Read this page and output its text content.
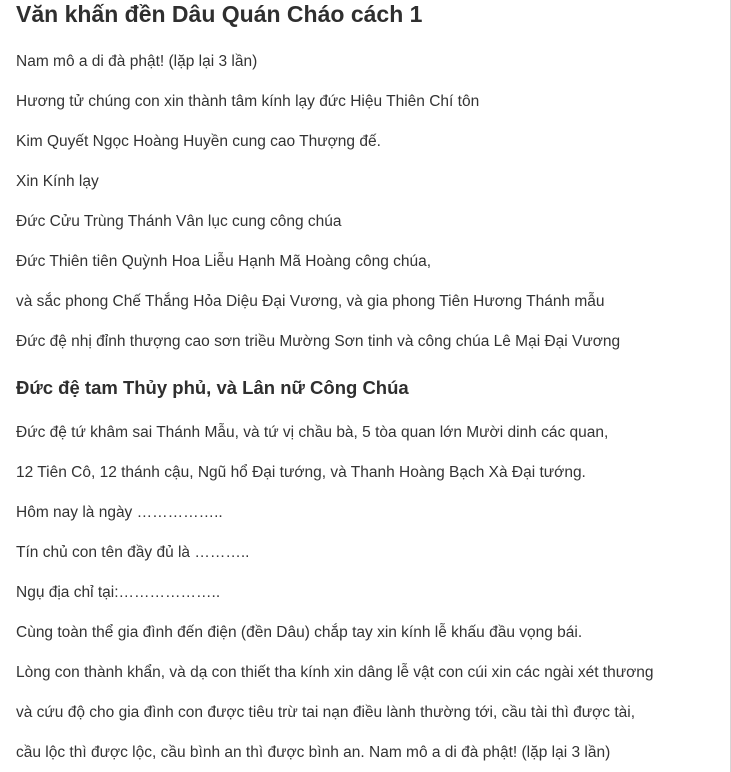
Văn khấn đền Dâu Quán Cháo cách 1

Nam mô a di đà phật! (lặp lại 3 lần)

Hương tử chúng con xin thành tâm kính lạy đức Hiệu Thiên Chí tôn

Kim Quyết Ngọc Hoàng Huyền cung cao Thượng đế.

Xin Kính lạy

Đức Cửu Trùng Thánh Vân lục cung công chúa

Đức Thiên tiên Quỳnh Hoa Liễu Hạnh Mã Hoàng công chúa,

và sắc phong Chế Thắng Hỏa Diệu Đại Vương, và gia phong Tiên Hương Thánh mẫu

Đức đệ nhị đỉnh thượng cao sơn triều Mường Sơn tinh và công chúa Lê Mại Đại Vương

Đức đệ tam Thủy phủ, và Lân nữ Công Chúa

Đức đệ tứ khâm sai Thánh Mẫu, và tứ vị chầu bà, 5 tòa quan lớn Mười dinh các quan,

12 Tiên Cô, 12 thánh cậu, Ngũ hổ Đại tướng, và Thanh Hoàng Bạch Xà Đại tướng.

Hôm nay là ngày ……………..

Tín chủ con tên đầy đủ là ………..

Ngụ địa chỉ tại:………………..

Cùng toàn thể gia đình đến điện (đền Dâu) chắp tay xin kính lễ khấu đầu vọng bái.

Lòng con thành khẩn, và dạ con thiết tha kính xin dâng lễ vật con cúi xin các ngài xét thương

và cứu độ cho gia đình con được tiêu trừ tai nạn điều lành thường tới, cầu tài thì được tài,

cầu lộc thì được lộc, cầu bình an thì được bình an. Nam mô a di đà phật! (lặp lại 3 lần)
